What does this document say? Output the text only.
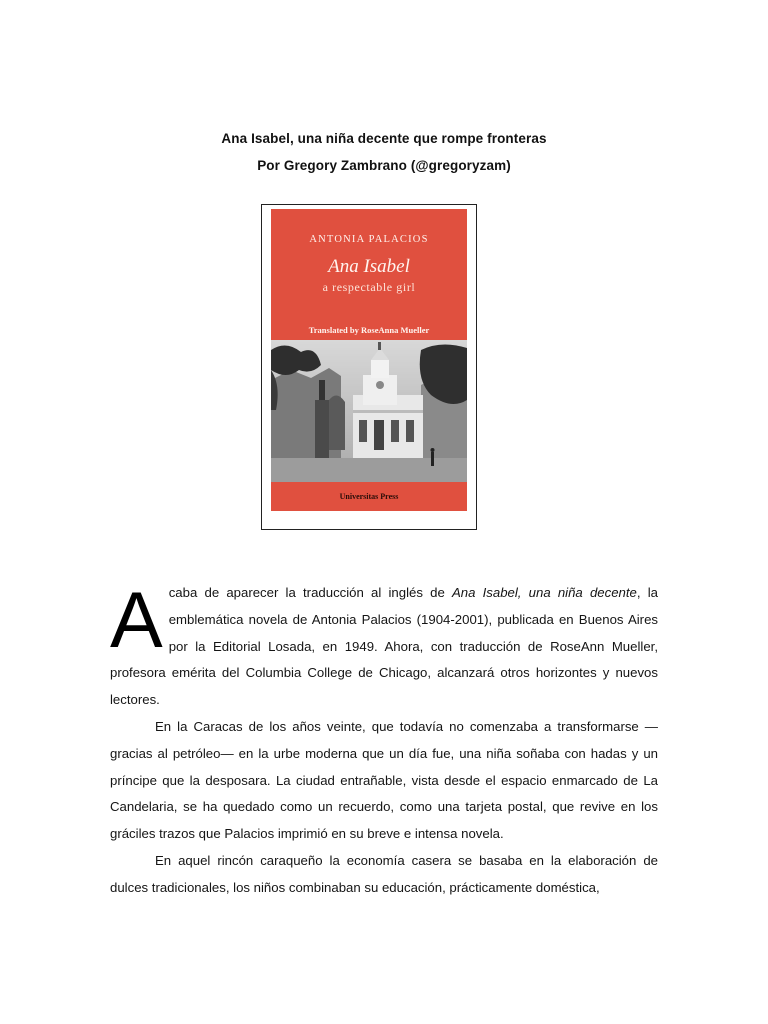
Ana Isabel, una niña decente que rompe fronteras
Por Gregory Zambrano (@gregoryzam)
ANTONIA PALACIOS
Ana Isabel
a respectable girl
Translated by RoseAnna Mueller
Universitas Press

Acaba de aparecer la traducción al inglés de Ana Isabel, una niña decente, la emblemática novela de Antonia Palacios (1904-2001), publicada en Buenos Aires por la Editorial Losada, en 1949. Ahora, con traducción de RoseAnn Mueller, profesora emérita del Columbia College de Chicago, alcanzará otros horizontes y nuevos lectores.

En la Caracas de los años veinte, que todavía no comenzaba a transformarse —gracias al petróleo— en la urbe moderna que un día fue, una niña soñaba con hadas y un príncipe que la desposara. La ciudad entrañable, vista desde el espacio enmarcado de La Candelaria, se ha quedado como un recuerdo, como una tarjeta postal, que revive en los gráciles trazos que Palacios imprimió en su breve e intensa novela.

En aquel rincón caraqueño la economía casera se basaba en la elaboración de dulces tradicionales, los niños combinaban su educación, prácticamente doméstica,
